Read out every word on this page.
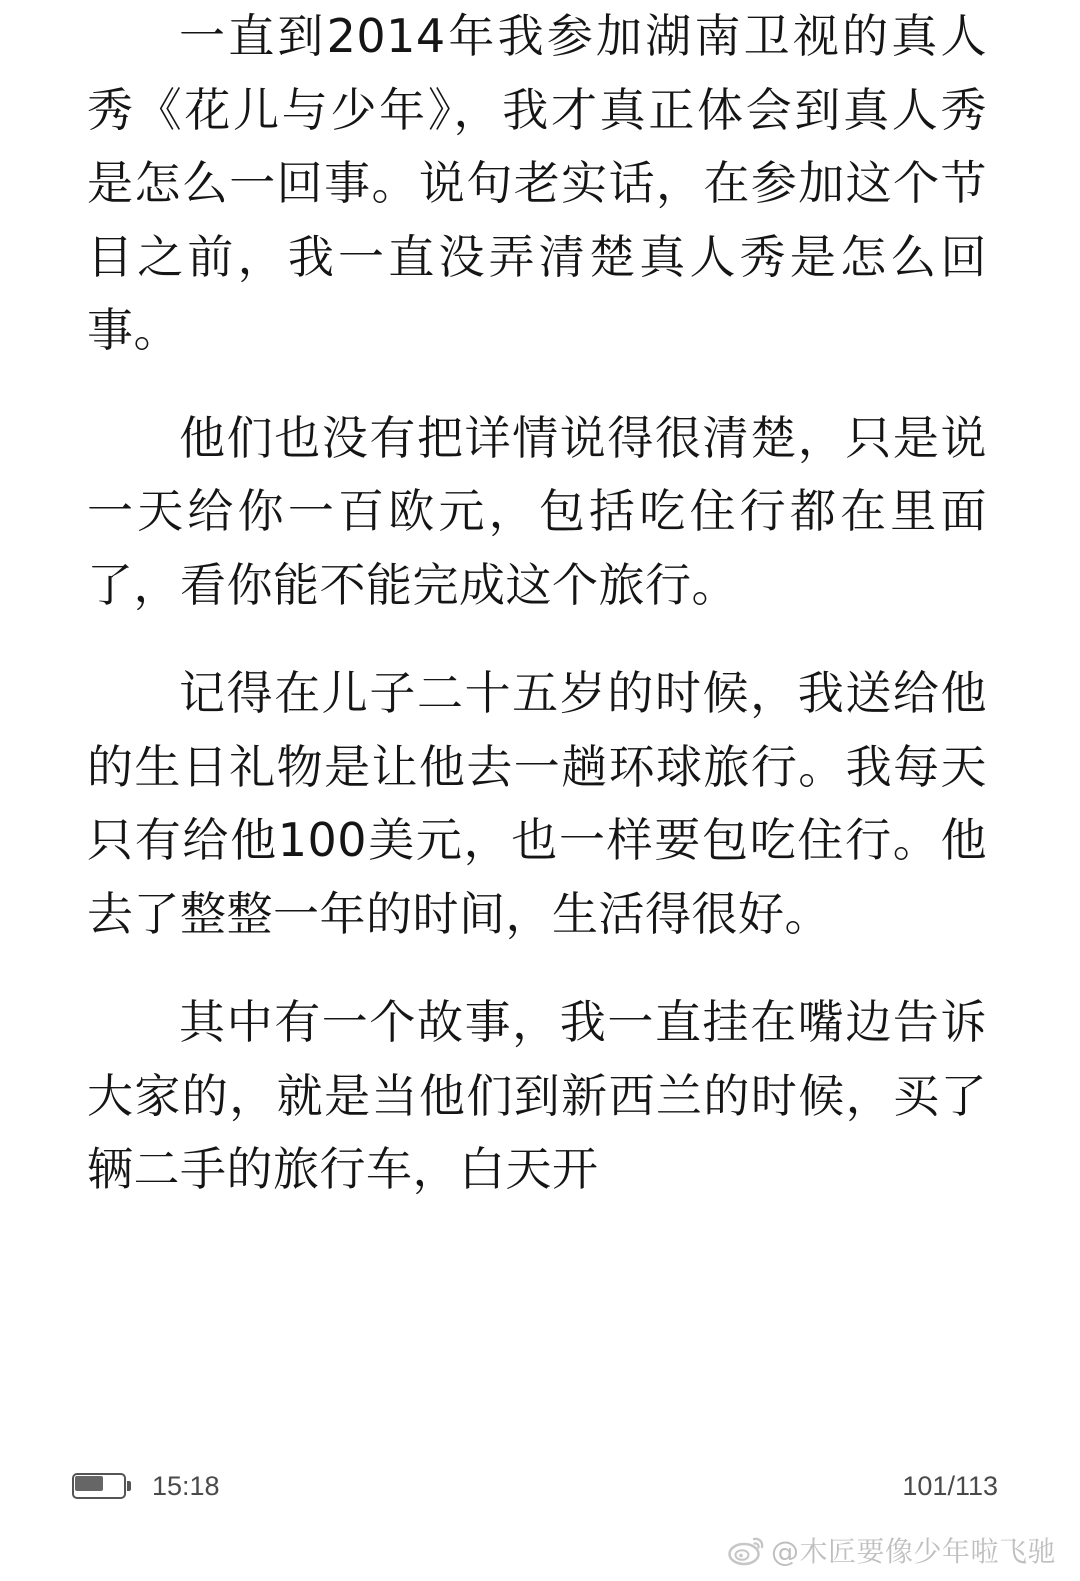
一直到2014年我参加湖南卫视的真人秀《花儿与少年》，我才真正体会到真人秀是怎么一回事。说句老实话，在参加这个节目之前，我一直没弄清楚真人秀是怎么回事。

他们也没有把详情说得很清楚，只是说一天给你一百欧元，包括吃住行都在里面了，看你能不能完成这个旅行。

记得在儿子二十五岁的时候，我送给他的生日礼物是让他去一趟环球旅行。我每天只有给他100美元，也一样要包吃住行。他去了整整一年的时间，生活得很好。

其中有一个故事，我一直挂在嘴边告诉大家的，就是当他们到新西兰的时候，买了辆二手的旅行车，白天开

15:18	101/113
@木匠要像少年啦飞驰
